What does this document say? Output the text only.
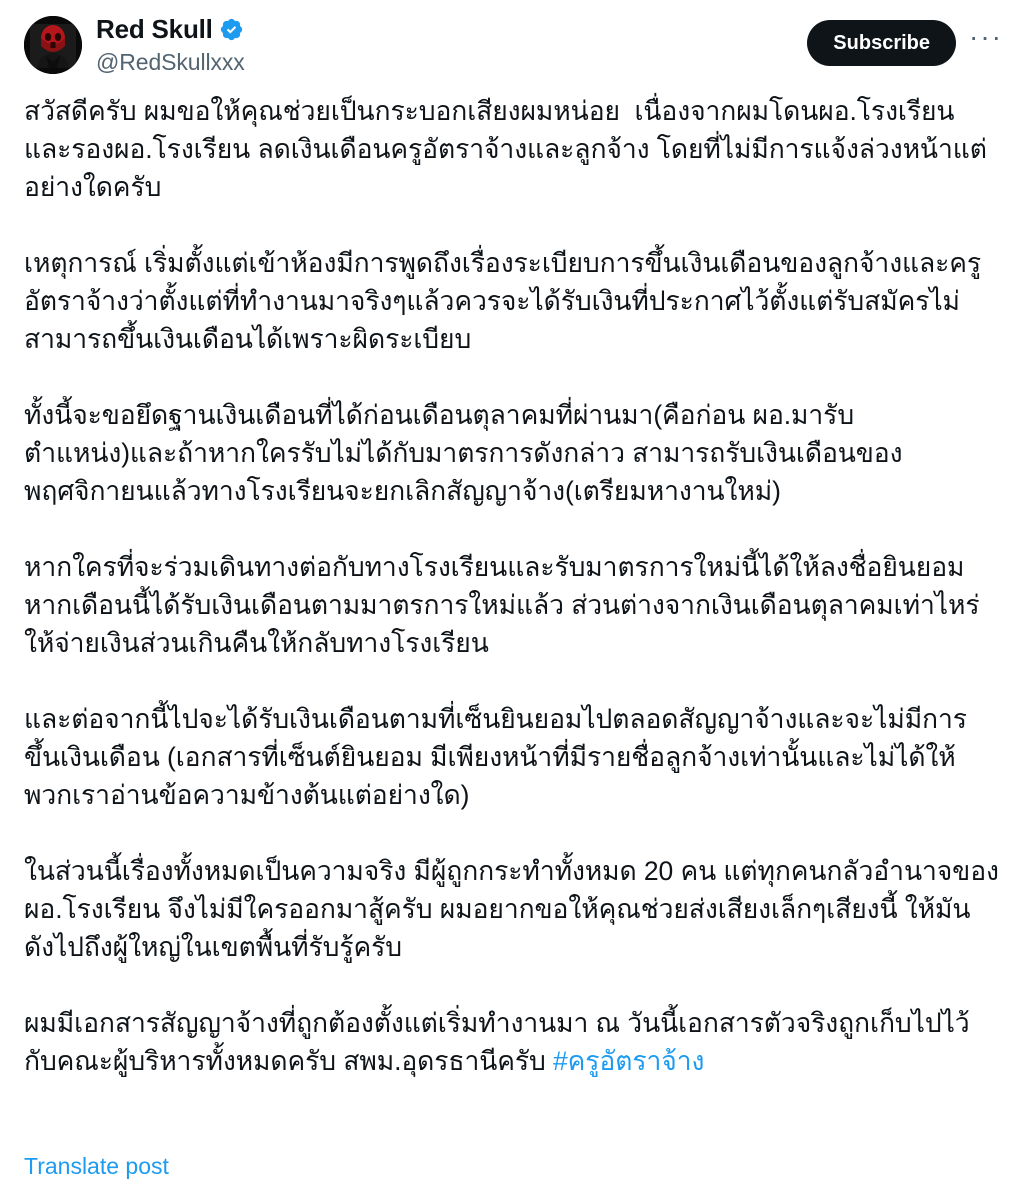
Red Skull
@RedSkullxxx
Subscribe	···

สวัสดีครับ ผมขอให้คุณช่วยเป็นกระบอกเสียงผมหน่อย  เนื่องจากผมโดนผอ.โรงเรียนและรองผอ.โรงเรียน ลดเงินเดือนครูอัตราจ้างและลูกจ้าง โดยที่ไม่มีการแจ้งล่วงหน้าแต่อย่างใดครับ

เหตุการณ์ เริ่มตั้งแต่เข้าห้องมีการพูดถึงเรื่องระเบียบการขึ้นเงินเดือนของลูกจ้างและครูอัตราจ้างว่าตั้งแต่ที่ทำงานมาจริงๆแล้วควรจะได้รับเงินที่ประกาศไว้ตั้งแต่รับสมัครไม่สามารถขึ้นเงินเดือนได้เพราะผิดระเบียบ

ทั้งนี้จะขอยึดฐานเงินเดือนที่ได้ก่อนเดือนตุลาคมที่ผ่านมา(คือก่อน ผอ.มารับตำแหน่ง)และถ้าหากใครรับไม่ได้กับมาตรการดังกล่าว สามารถรับเงินเดือนของพฤศจิกายนแล้วทางโรงเรียนจะยกเลิกสัญญาจ้าง(เตรียมหางานใหม่)

หากใครที่จะร่วมเดินทางต่อกับทางโรงเรียนและรับมาตรการใหม่นี้ได้ให้ลงชื่อยินยอมหากเดือนนี้ได้รับเงินเดือนตามมาตรการใหม่แล้ว ส่วนต่างจากเงินเดือนตุลาคมเท่าไหร่ให้จ่ายเงินส่วนเกินคืนให้กลับทางโรงเรียน

และต่อจากนี้ไปจะได้รับเงินเดือนตามที่เซ็นยินยอมไปตลอดสัญญาจ้างและจะไม่มีการขึ้นเงินเดือน (เอกสารที่เซ็นต์ยินยอม มีเพียงหน้าที่มีรายชื่อลูกจ้างเท่านั้นและไม่ได้ให้พวกเราอ่านข้อความข้างต้นแต่อย่างใด)

ในส่วนนี้เรื่องทั้งหมดเป็นความจริง มีผู้ถูกกระทำทั้งหมด 20 คน แต่ทุกคนกลัวอำนาจของ ผอ.โรงเรียน จึงไม่มีใครออกมาสู้ครับ ผมอยากขอให้คุณช่วยส่งเสียงเล็กๆเสียงนี้ ให้มันดังไปถึงผู้ใหญ่ในเขตพื้นที่รับรู้ครับ

ผมมีเอกสารสัญญาจ้างที่ถูกต้องตั้งแต่เริ่มทำงานมา ณ วันนี้เอกสารตัวจริงถูกเก็บไปไว้กับคณะผู้บริหารทั้งหมดครับ สพม.อุดรธานีครับ #ครูอัตราจ้าง

Translate post
